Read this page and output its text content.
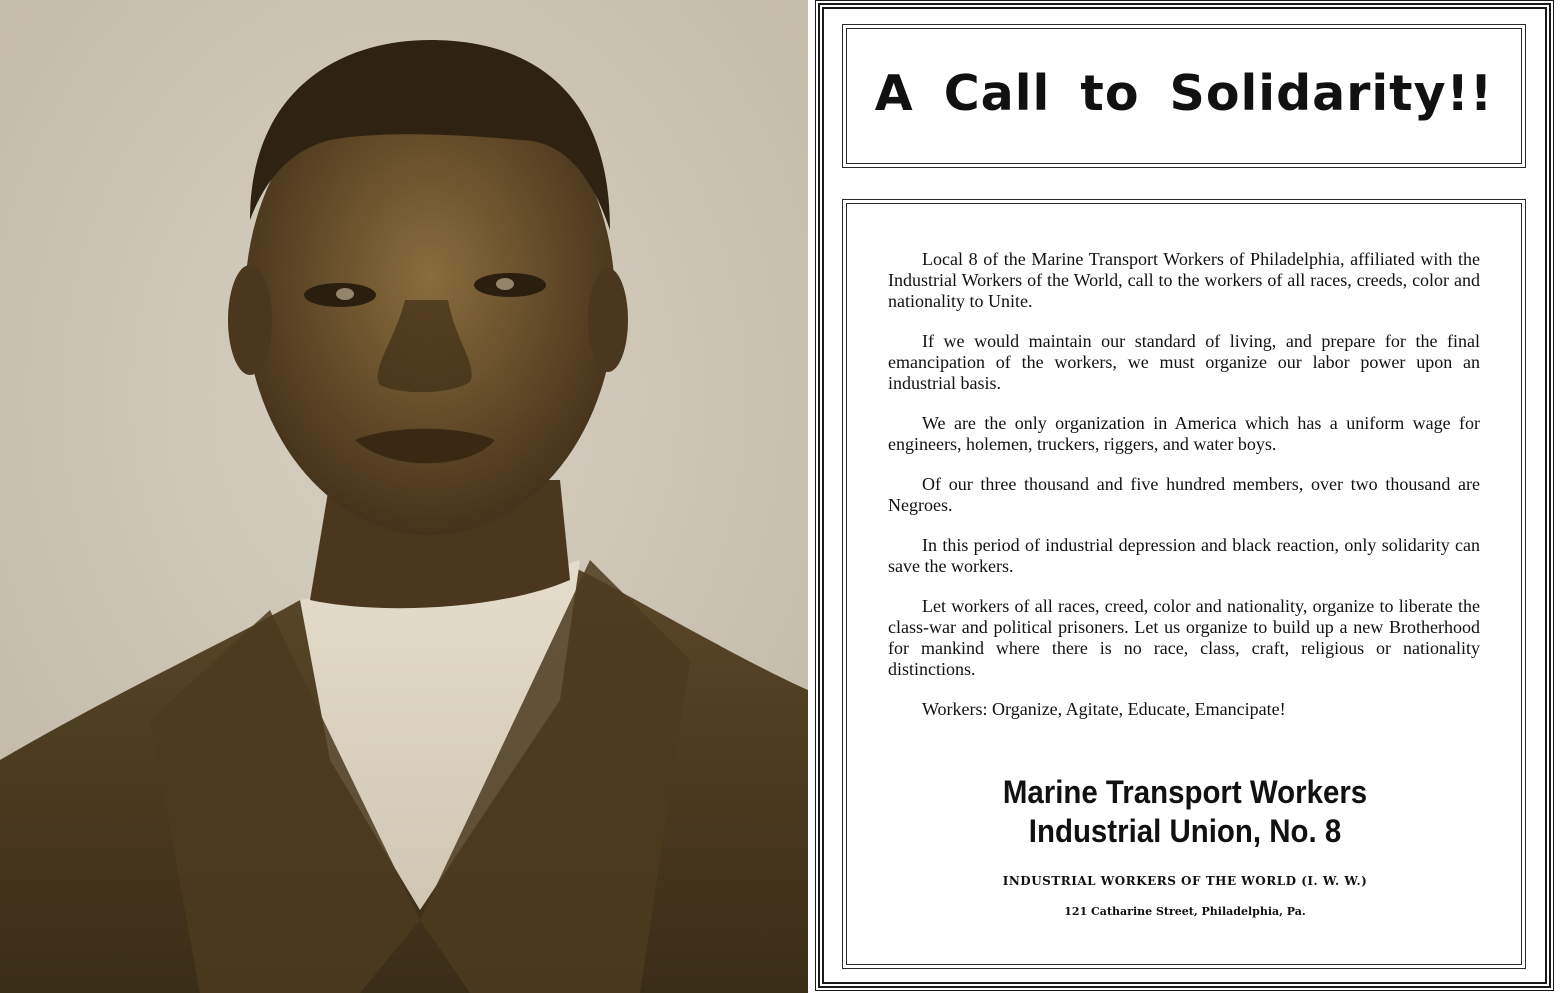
A Call to Solidarity!!

Local 8 of the Marine Transport Workers of Philadelphia, affiliated with the Industrial Workers of the World, call to the workers of all races, creeds, color and nationality to Unite.

If we would maintain our standard of living, and prepare for the final emancipation of the workers, we must organize our labor power upon an industrial basis.

We are the only organization in America which has a uniform wage for engineers, holemen, truckers, riggers, and water boys.

Of our three thousand and five hundred members, over two thousand are Negroes.

In this period of industrial depression and black reaction, only solidarity can save the workers.

Let workers of all races, creed, color and nationality, organize to liberate the class-war and political prisoners. Let us organize to build up a new Brotherhood for mankind where there is no race, class, craft, religious or nationality distinctions.

Workers: Organize, Agitate, Educate, Emancipate!

Marine Transport Workers
Industrial Union, No. 8
INDUSTRIAL WORKERS OF THE WORLD (I. W. W.)
121 Catharine Street, Philadelphia, Pa.
